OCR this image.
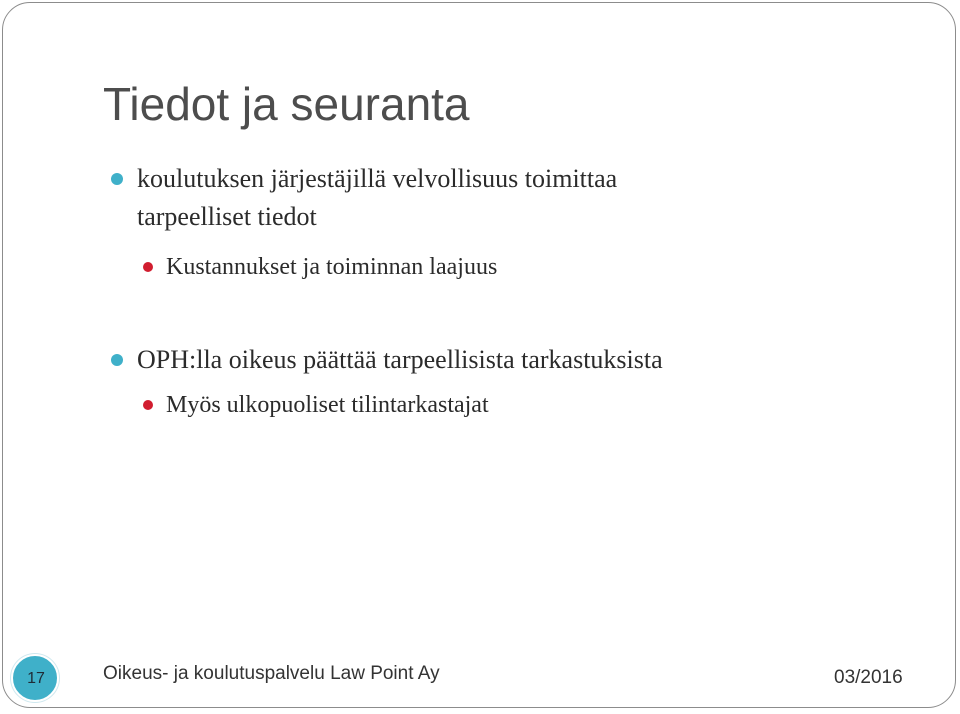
Tiedot ja seuranta
koulutuksen järjestäjillä velvollisuus toimittaa
tarpeelliset tiedot
Kustannukset ja toiminnan laajuus
OPH:lla oikeus päättää tarpeellisista tarkastuksista
Myös ulkopuoliset tilintarkastajat
17	Oikeus- ja koulutuspalvelu Law Point Ay	03/2016
